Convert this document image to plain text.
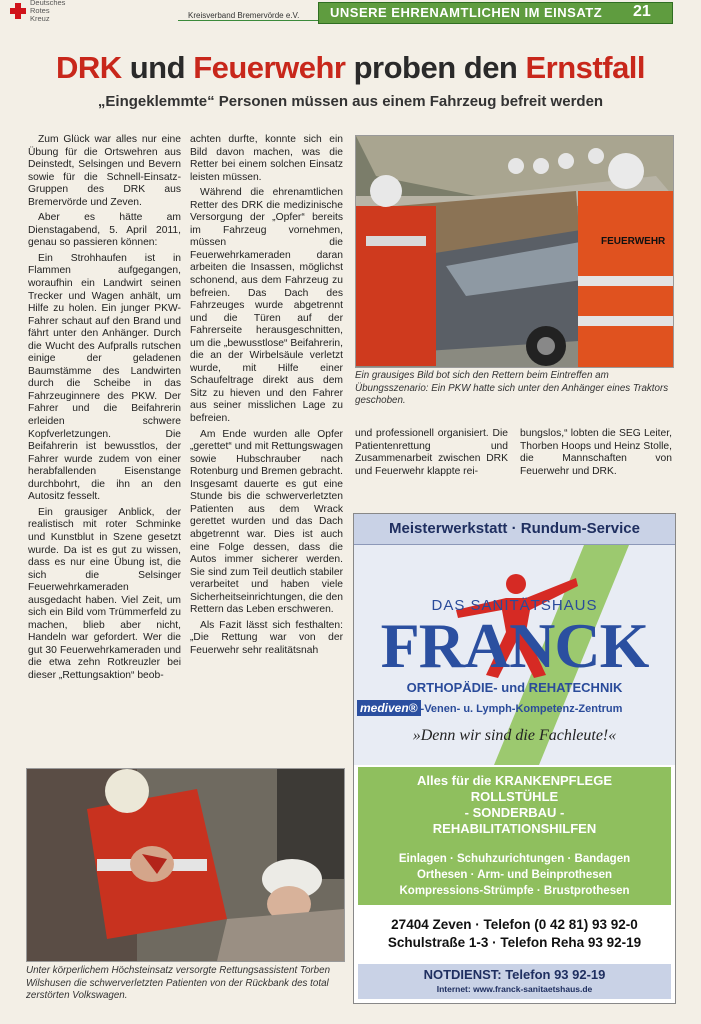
Deutsches
Rotes
Kreuz	Kreisverband Bremervörde e.V. UNSERE EHRENAMTLICHEN IM EINSATZ 21
DRK und Feuerwehr proben den Ernstfall
„Eingeklemmte“ Personen müssen aus einem Fahrzeug befreit werden

Zum Glück war alles nur eine Übung für die Ortswehren aus Deinstedt, Selsingen und Bevern sowie für die Schnell-Einsatz-Gruppen des DRK aus Bremervörde und Zeven.

Aber es hätte am Dienstagabend, 5. April 2011, genau so passieren können:

Ein Strohhaufen ist in Flammen aufgegangen, woraufhin ein Landwirt seinen Trecker und Wagen anhält, um Hilfe zu holen. Ein junger PKW-Fahrer schaut auf den Brand und fährt unter den Anhänger. Durch die Wucht des Aufpralls rutschen einige der geladenen Baumstämme des Landwirten durch die Scheibe in das Fahrzeuginnere des PKW. Der Fahrer und die Beifahrerin erleiden schwere Kopfverletzungen. Die Beifahrerin ist bewusstlos, der Fahrer wurde zudem von einer herabfallenden Eisenstange durchbohrt, die ihn an den Autositz fesselt.

Ein grausiger Anblick, der realistisch mit roter Schminke und Kunstblut in Szene gesetzt wurde. Da ist es gut zu wissen, dass es nur eine Übung ist, die sich die Selsinger Feuerwehrkameraden ausgedacht haben. Viel Zeit, um sich ein Bild vom Trümmerfeld zu machen, blieb aber nicht, Handeln war gefordert. Wer die gut 30 Feuerwehrkameraden und die etwa zehn Rotkreuzler bei dieser „Rettungsaktion“ beob-

achten durfte, konnte sich ein Bild davon machen, was die Retter bei einem solchen Einsatz leisten müssen.

Während die ehrenamtlichen Retter des DRK die medizinische Versorgung der „Opfer“ bereits im Fahrzeug vornehmen, müssen die Feuerwehrkameraden daran arbeiten die Insassen, möglichst schonend, aus dem Fahrzeug zu befreien. Das Dach des Fahrzeuges wurde abgetrennt und die Türen auf der Fahrerseite herausgeschnitten, um die „bewusstlose“ Beifahrerin, die an der Wirbelsäule verletzt wurde, mit Hilfe einer Schaufeltrage direkt aus dem Sitz zu hieven und den Fahrer aus seiner misslichen Lage zu befreien.

Am Ende wurden alle Opfer „gerettet“ und mit Rettungswagen sowie Hubschrauber nach Rotenburg und Bremen gebracht. Insgesamt dauerte es gut eine Stunde bis die schwerverletzten Patienten aus dem Wrack gerettet wurden und das Dach abgetrennt war. Dies ist auch eine Folge dessen, dass die Autos immer sicherer werden. Sie sind zum Teil deutlich stabiler verarbeitet und haben viele Sicherheitseinrichtungen, die den Rettern das Leben erschweren.

Als Fazit lässt sich festhalten: „Die Rettung war von der Feuerwehr sehr realitätsnah

und professionell organisiert. Die Patientenrettung und Zusammenarbeit zwischen DRK und Feuerwehr klappte rei-

bungslos,“ lobten die SEG Leiter, Thorben Hoops und Heinz Stolle, die Mannschaften von Feuerwehr und DRK.

FEUERWEHR
Ein grausiges Bild bot sich den Rettern beim Eintreffen am Übungsszenario: Ein PKW hatte sich unter den Anhänger eines Traktors geschoben.
Unter körperlichem Höchsteinsatz versorgte Rettungsassistent Torben Wilshusen die schwerverletzten Patienten von der Rückbank des total zerstörten Volkswagen.
Meisterwerkstatt · Rundum-Service
DAS SANITÄTSHAUS
FRANCK
ORTHOPÄDIE- und REHATECHNIK
mediven® -Venen- u. Lymph-Kompetenz-Zentrum
»Denn wir sind die Fachleute!«
Alles für die KRANKENPFLEGE
ROLLSTÜHLE
- SONDERBAU -
REHABILITATIONSHILFEN
Einlagen · Schuhzurichtungen · Bandagen
Orthesen · Arm- und Beinprothesen
Kompressions-Strümpfe · Brustprothesen
27404 Zeven · Telefon (0 42 81) 93 92-0
Schulstraße 1-3 · Telefon Reha 93 92-19
NOTDIENST: Telefon 93 92-19
Internet: www.franck-sanitaetshaus.de
